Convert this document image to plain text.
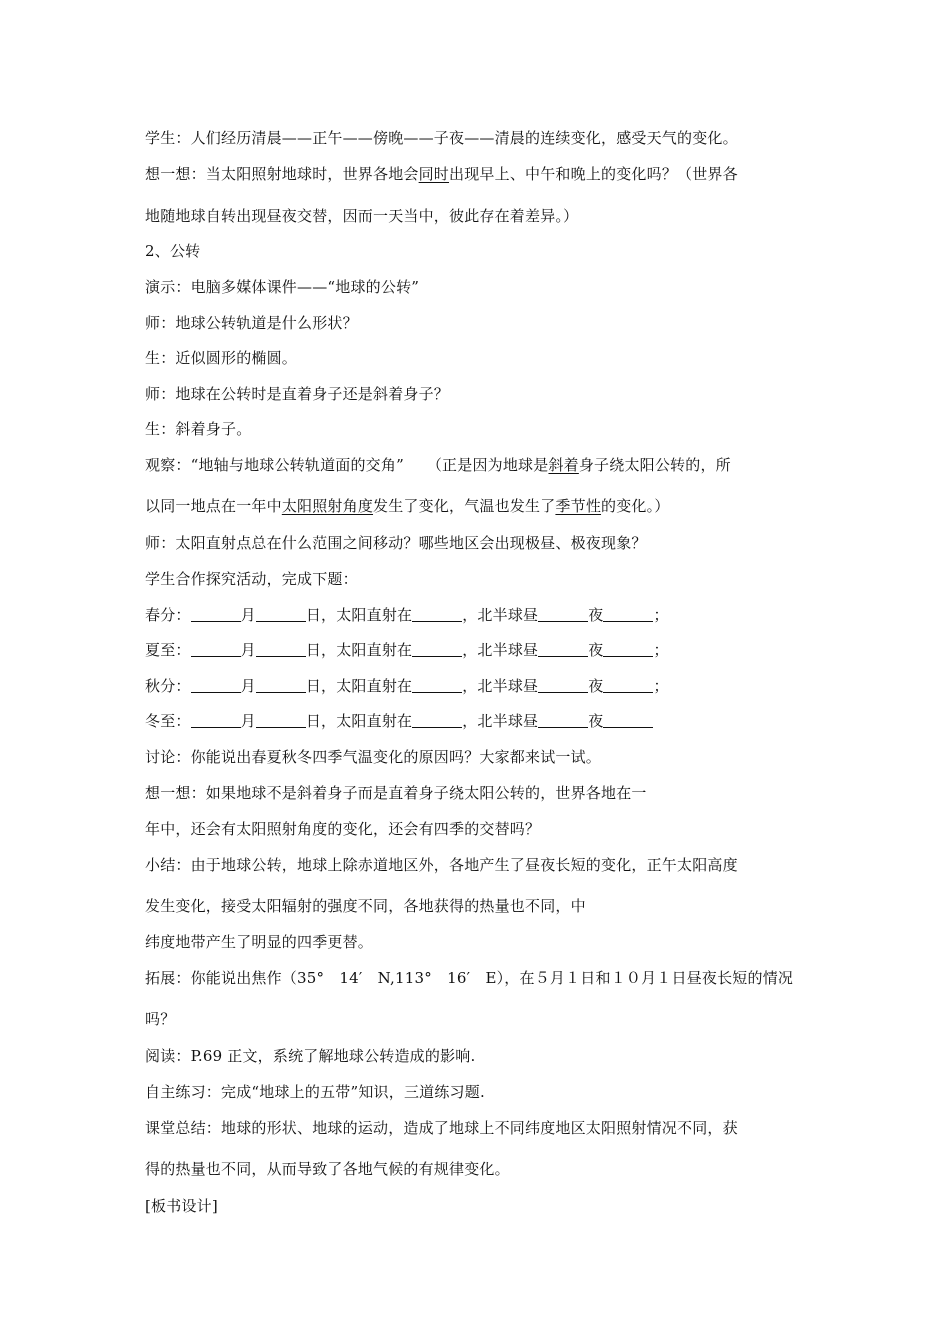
学生：人们经历清晨——正午——傍晚——子夜——清晨的连续变化，感受天气的变化。
想一想：当太阳照射地球时，世界各地会同时出现早上、中午和晚上的变化吗？（世界各
地随地球自转出现昼夜交替，因而一天当中，彼此存在着差异。）
2、公转
演示：电脑多媒体课件——“地球的公转”
师：地球公转轨道是什么形状？
生：近似圆形的椭圆。
师：地球在公转时是直着身子还是斜着身子？
生：斜着身子。
观察：“地轴与地球公转轨道面的交角”　　（正是因为地球是斜着身子绕太阳公转的，所
以同一地点在一年中太阳照射角度发生了变化，气温也发生了季节性的变化。）
师：太阳直射点总在什么范围之间移动？哪些地区会出现极昼、极夜现象？
学生合作探究活动，完成下题：
春分：	月	日，太阳直射在	，北半球昼	夜	；
夏至：	月	日，太阳直射在	，北半球昼	夜	；
秋分：	月	日，太阳直射在	，北半球昼	夜	；
冬至：	月	日，太阳直射在	，北半球昼	夜
讨论：你能说出春夏秋冬四季气温变化的原因吗？大家都来试一试。
想一想：如果地球不是斜着身子而是直着身子绕太阳公转的，世界各地在一
年中，还会有太阳照射角度的变化，还会有四季的交替吗？
小结：由于地球公转，地球上除赤道地区外，各地产生了昼夜长短的变化，正午太阳高度
发生变化，接受太阳辐射的强度不同，各地获得的热量也不同，中
纬度地带产生了明显的四季更替。
拓展：你能说出焦作（35°　14′　N,113°　16′　E），在５月１日和１０月１日昼夜长短的情况
吗？
阅读：P.69 正文，系统了解地球公转造成的影响.
自主练习：完成“地球上的五带”知识，三道练习题.
课堂总结：地球的形状、地球的运动，造成了地球上不同纬度地区太阳照射情况不同，获
得的热量也不同，从而导致了各地气候的有规律变化。
[板书设计]
